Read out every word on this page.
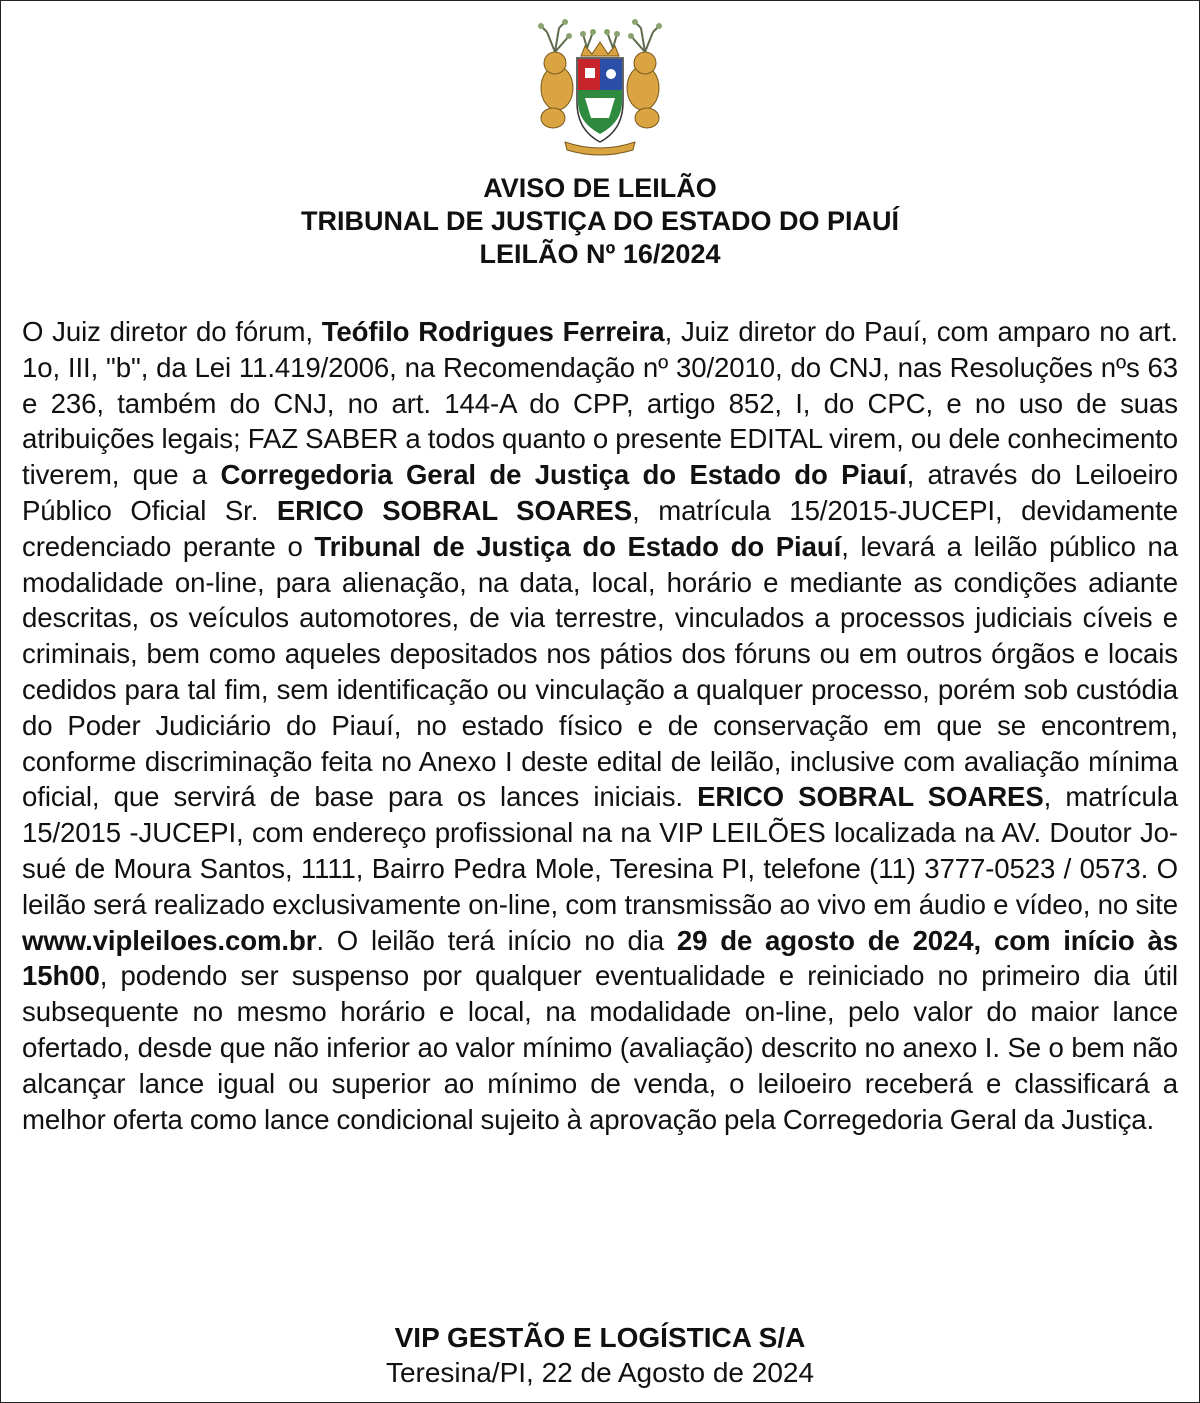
AVISO DE LEILÃO
TRIBUNAL DE JUSTIÇA DO ESTADO DO PIAUÍ
LEILÃO Nº 16/2024
O Juiz diretor do fórum, Teófilo Rodrigues Ferreira, Juiz diretor do Pauí, com amparo no art. 1o, III, "b", da Lei 11.419/2006, na Recomendação nº 30/2010, do CNJ, nas Resoluções nºs 63 e 236, também do CNJ, no art. 144-A do CPP, artigo 852, I, do CPC, e no uso de suas atribuições legais; FAZ SABER a todos quanto o presente EDITAL virem, ou dele conhecimento tiverem, que a Corregedoria Geral de Justiça do Estado do Piauí, através do Leiloeiro Público Oficial Sr. ERICO SOBRAL SOARES, matrícula 15/2015-JUCEPI, devidamente credenciado perante o Tribunal de Justiça do Estado do Piauí, levará a leilão público na modalidade on-line, para alienação, na data, local, horário e mediante as condições adiante descritas, os veículos automotores, de via terrestre, vinculados a processos judiciais cíveis e criminais, bem como aqueles depositados nos pátios dos fóruns ou em outros órgãos e locais cedidos para tal fim, sem identificação ou vinculação a qualquer processo, porém sob custódia do Poder Judiciário do Piauí, no estado físico e de conservação em que se encontrem, conforme discriminação feita no Anexo I deste edital de leilão, inclusive com avaliação mínima oficial, que servirá de base para os lances iniciais. ERICO SOBRAL SOARES, matrícula 15/2015 -JUCEPI, com endereço profissional na na VIP LEILÕES localizada na AV. Doutor Jo- sué de Moura Santos, 1111, Bairro Pedra Mole, Teresina PI, telefone (11) 3777-0523 / 0573. O leilão será realizado exclusivamente on-line, com transmissão ao vivo em áudio e vídeo, no site www.vipleiloes.com.br. O leilão terá início no dia 29 de agosto de 2024, com início às 15h00, podendo ser suspenso por qualquer eventualidade e reiniciado no primeiro dia útil subsequente no mesmo horário e local, na modalidade on-line, pelo valor do maior lance ofertado, desde que não inferior ao valor mínimo (avaliação) descrito no anexo I. Se o bem não alcançar lance igual ou superior ao mínimo de venda, o leiloeiro receberá e classificará a melhor oferta como lance condicional sujeito à aprovação pela Corregedoria Geral da Justiça.
VIP GESTÃO E LOGÍSTICA S/A
Teresina/PI, 22 de Agosto de 2024
